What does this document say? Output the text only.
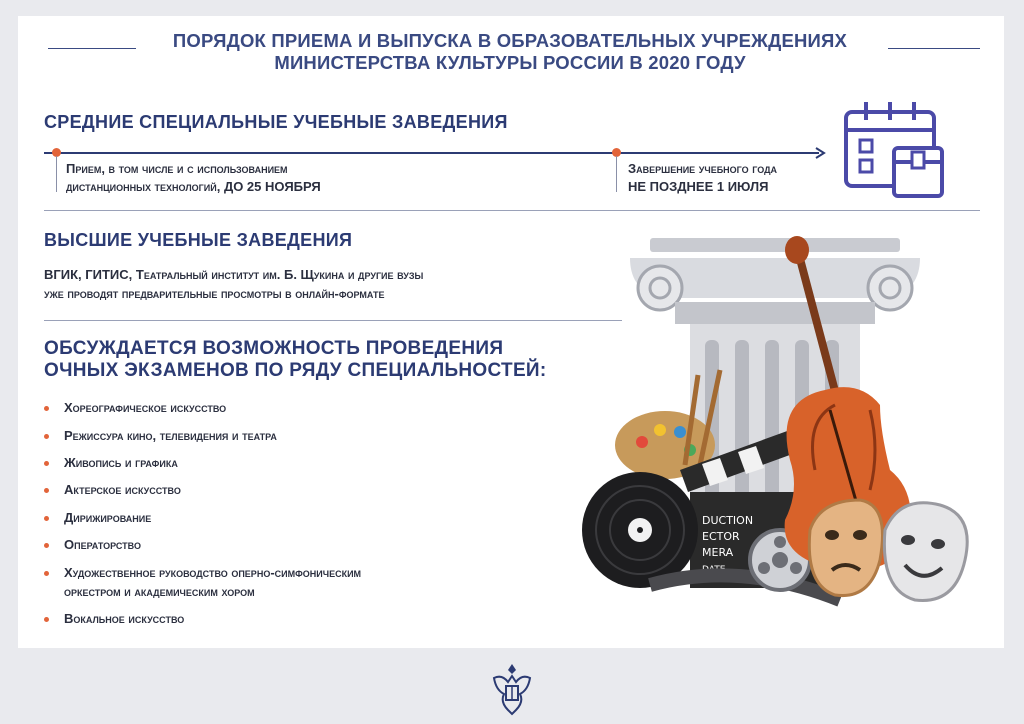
ПОРЯДОК ПРИЕМА И ВЫПУСКА В ОБРАЗОВАТЕЛЬНЫХ УЧРЕЖДЕНИЯХ
МИНИСТЕРСТВА КУЛЬТУРЫ РОССИИ В 2020 ГОДУ
СРЕДНИЕ СПЕЦИАЛЬНЫЕ УЧЕБНЫЕ ЗАВЕДЕНИЯ
Прием, в том числе и с использованием
дистанционных технологий, ДО 25 НОЯБРЯ
Завершение учебного года
НЕ ПОЗДНЕЕ 1 ИЮЛЯ
ВЫСШИЕ УЧЕБНЫЕ ЗАВЕДЕНИЯ
ВГИК, ГИТИС, Театральный институт им. Б. Щукина и другие вузы
уже проводят предварительные просмотры в онлайн-формате
ОБСУЖДАЕТСЯ ВОЗМОЖНОСТЬ ПРОВЕДЕНИЯ
ОЧНЫХ ЭКЗАМЕНОВ ПО РЯДУ СПЕЦИАЛЬНОСТЕЙ:
Хореографическое искусство
Режиссура кино, телевидения и театра
Живопись и графика
Актерское искусство
Дирижирование
Операторство
Художественное руководство оперно-симфоническим
оркестром и академическим хором
Вокальное искусство
DUCTION
ECTOR
MERA
DATE
